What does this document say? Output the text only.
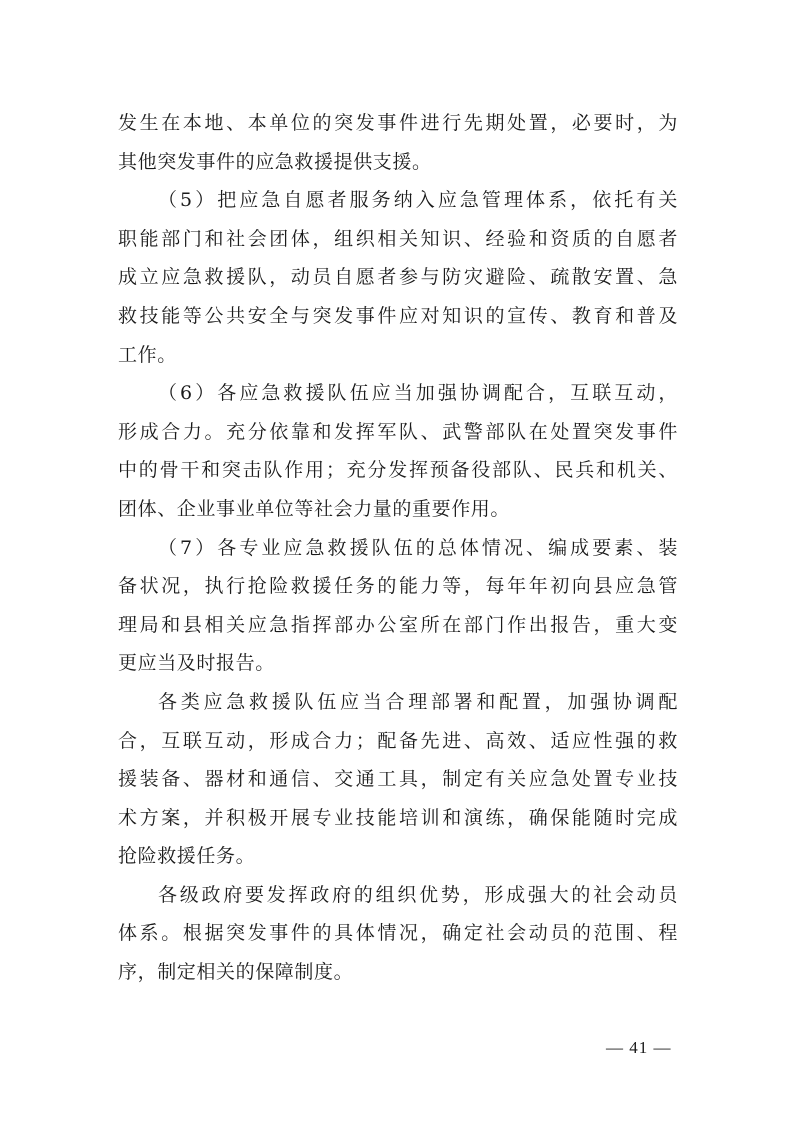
发生在本地、本单位的突发事件进行先期处置，必要时，为
其他突发事件的应急救援提供支援。

（5）把应急自愿者服务纳入应急管理体系，依托有关
职能部门和社会团体，组织相关知识、经验和资质的自愿者
成立应急救援队，动员自愿者参与防灾避险、疏散安置、急
救技能等公共安全与突发事件应对知识的宣传、教育和普及
工作。

（6）各应急救援队伍应当加强协调配合，互联互动，
形成合力。充分依靠和发挥军队、武警部队在处置突发事件
中的骨干和突击队作用；充分发挥预备役部队、民兵和机关、
团体、企业事业单位等社会力量的重要作用。

（7）各专业应急救援队伍的总体情况、编成要素、装
备状况，执行抢险救援任务的能力等，每年年初向县应急管
理局和县相关应急指挥部办公室所在部门作出报告，重大变
更应当及时报告。

各类应急救援队伍应当合理部署和配置，加强协调配
合，互联互动，形成合力；配备先进、高效、适应性强的救
援装备、器材和通信、交通工具，制定有关应急处置专业技
术方案，并积极开展专业技能培训和演练，确保能随时完成
抢险救援任务。

各级政府要发挥政府的组织优势，形成强大的社会动员
体系。根据突发事件的具体情况，确定社会动员的范围、程
序，制定相关的保障制度。

— 41 —
